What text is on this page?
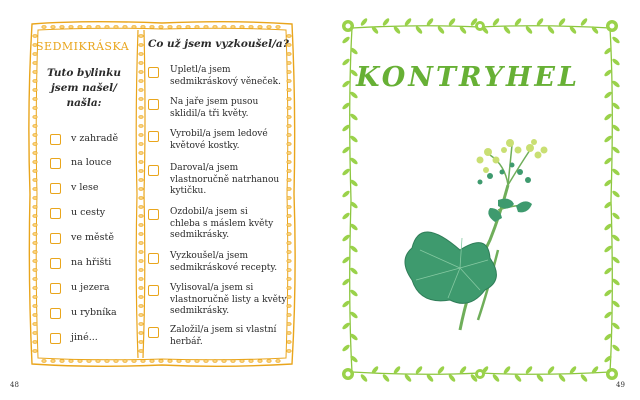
SEDMIKRÁSKA Co už jsem vyzkoušel/a?
Tuto bylinku
jsem našel/
našla:
v zahradě
na louce
v lese
u cesty
ve městě
na hřišti
u jezera
u rybníka
jiné...
Upletl/a jsem
sedmikráskový věneček.
Na jaře jsem pusou
sklidil/a tři květy.
Vyrobil/a jsem ledové
květové kostky.
Daroval/a jsem
vlastnoručně natrhanou
kytičku.
Ozdobil/a jsem si
chleba s máslem květy
sedmikrásky.
Vyzkoušel/a jsem
sedmikráskové recepty.
Vylisoval/a jsem si
vlastnoručně listy a květy
sedmikrásky.
Založil/a jsem si vlastní
herbář.
48	49
KONTRYHEL
